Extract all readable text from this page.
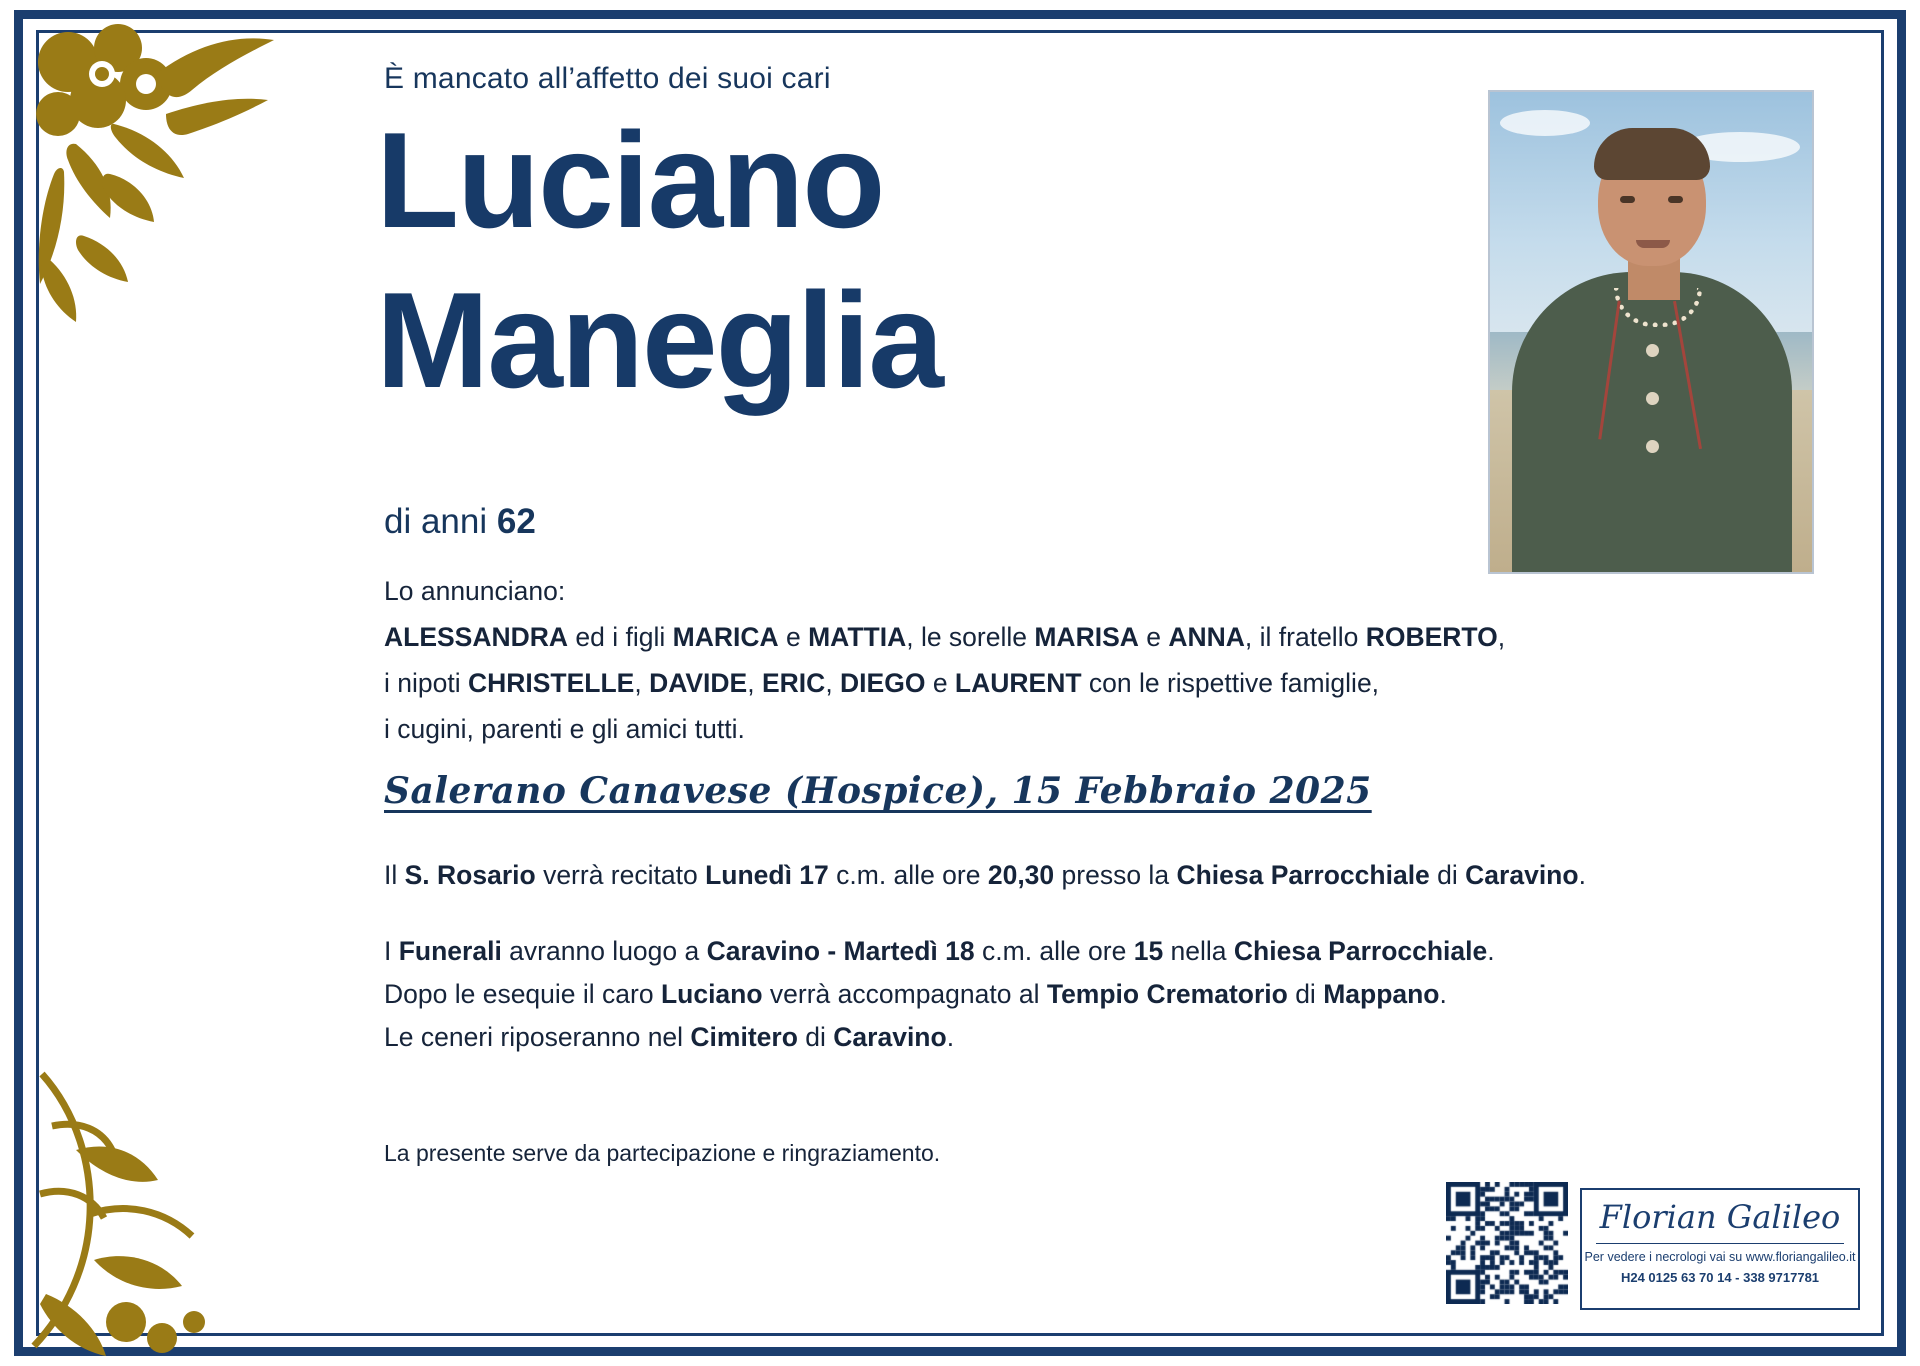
È mancato all’affetto dei suoi cari
Luciano
Maneglia
di anni 62
Lo annunciano:
ALESSANDRA ed i figli MARICA e MATTIA, le sorelle MARISA e ANNA, il fratello ROBERTO,
i nipoti CHRISTELLE, DAVIDE, ERIC, DIEGO e LAURENT con le rispettive famiglie,
i cugini, parenti e gli amici tutti.
Salerano Canavese (Hospice), 15 Febbraio 2025
Il S. Rosario verrà recitato Lunedì 17 c.m. alle ore 20,30 presso la Chiesa Parrocchiale di Caravino.
I Funerali avranno luogo a Caravino - Martedì 18 c.m. alle ore 15 nella Chiesa Parrocchiale.
Dopo le esequie il caro Luciano verrà accompagnato al Tempio Crematorio di Mappano.
Le ceneri riposeranno nel Cimitero di Caravino.
La presente serve da partecipazione e ringraziamento.
Florian Galileo
Per vedere i necrologi vai su www.floriangalileo.it
H24 0125 63 70 14 - 338 9717781
